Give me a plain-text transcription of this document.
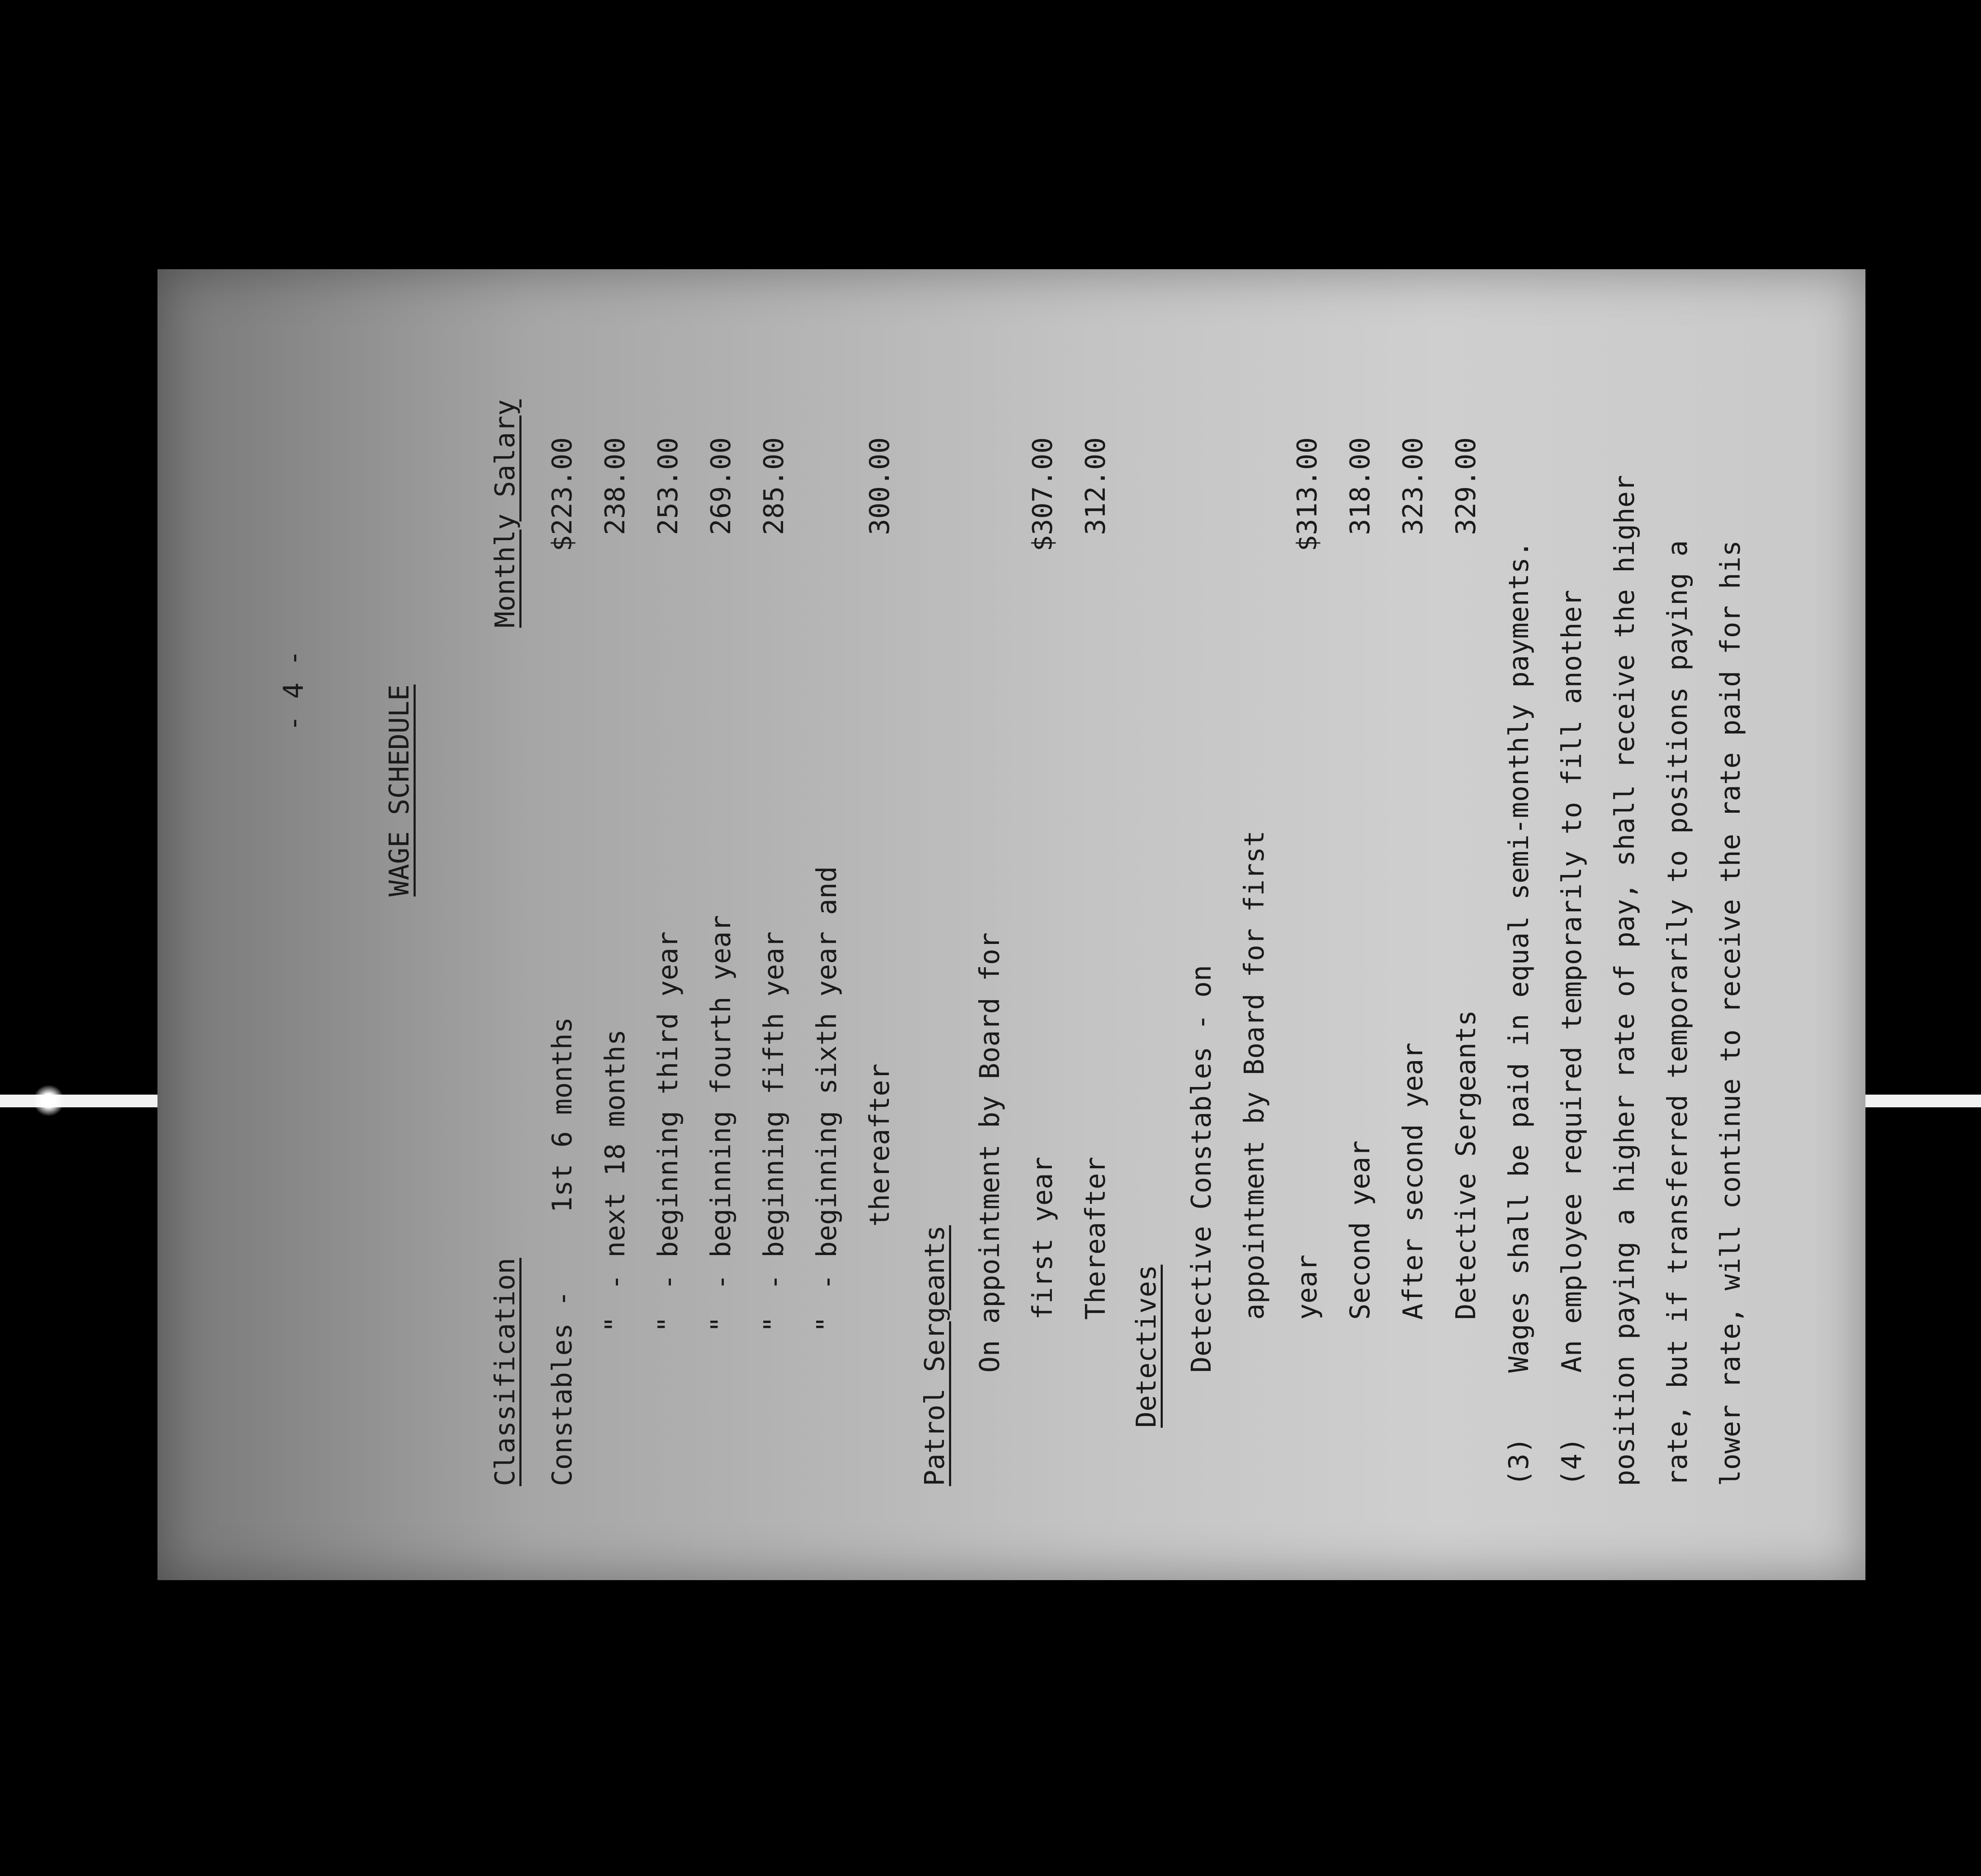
- 4 -	WAGE SCHEDULE
Classification
Monthly Salary
Constables -
1st 6 months
$223.00
"
- next 18 months
238.00
"
- beginning third year
253.00
"
- beginning fourth year
269.00
"
- beginning fifth year
285.00
"
- beginning sixth year and thereafter
300.00
Patrol Sergeants On appointment by Board for first year
$307.00
Thereafter
312.00
Detectives Detective Constables - on appointment by Board for first year
$313.00
Second year
318.00
After second year
323.00
Detective Sergeants
329.00
(3)
Wages shall be paid in equal semi-monthly payments.
(4)
An employee required temporarily to fill another position paying a higher rate of pay, shall receive the higher rate, but if transferred temporarily to positions paying a lower rate, will continue to receive the rate paid for his
